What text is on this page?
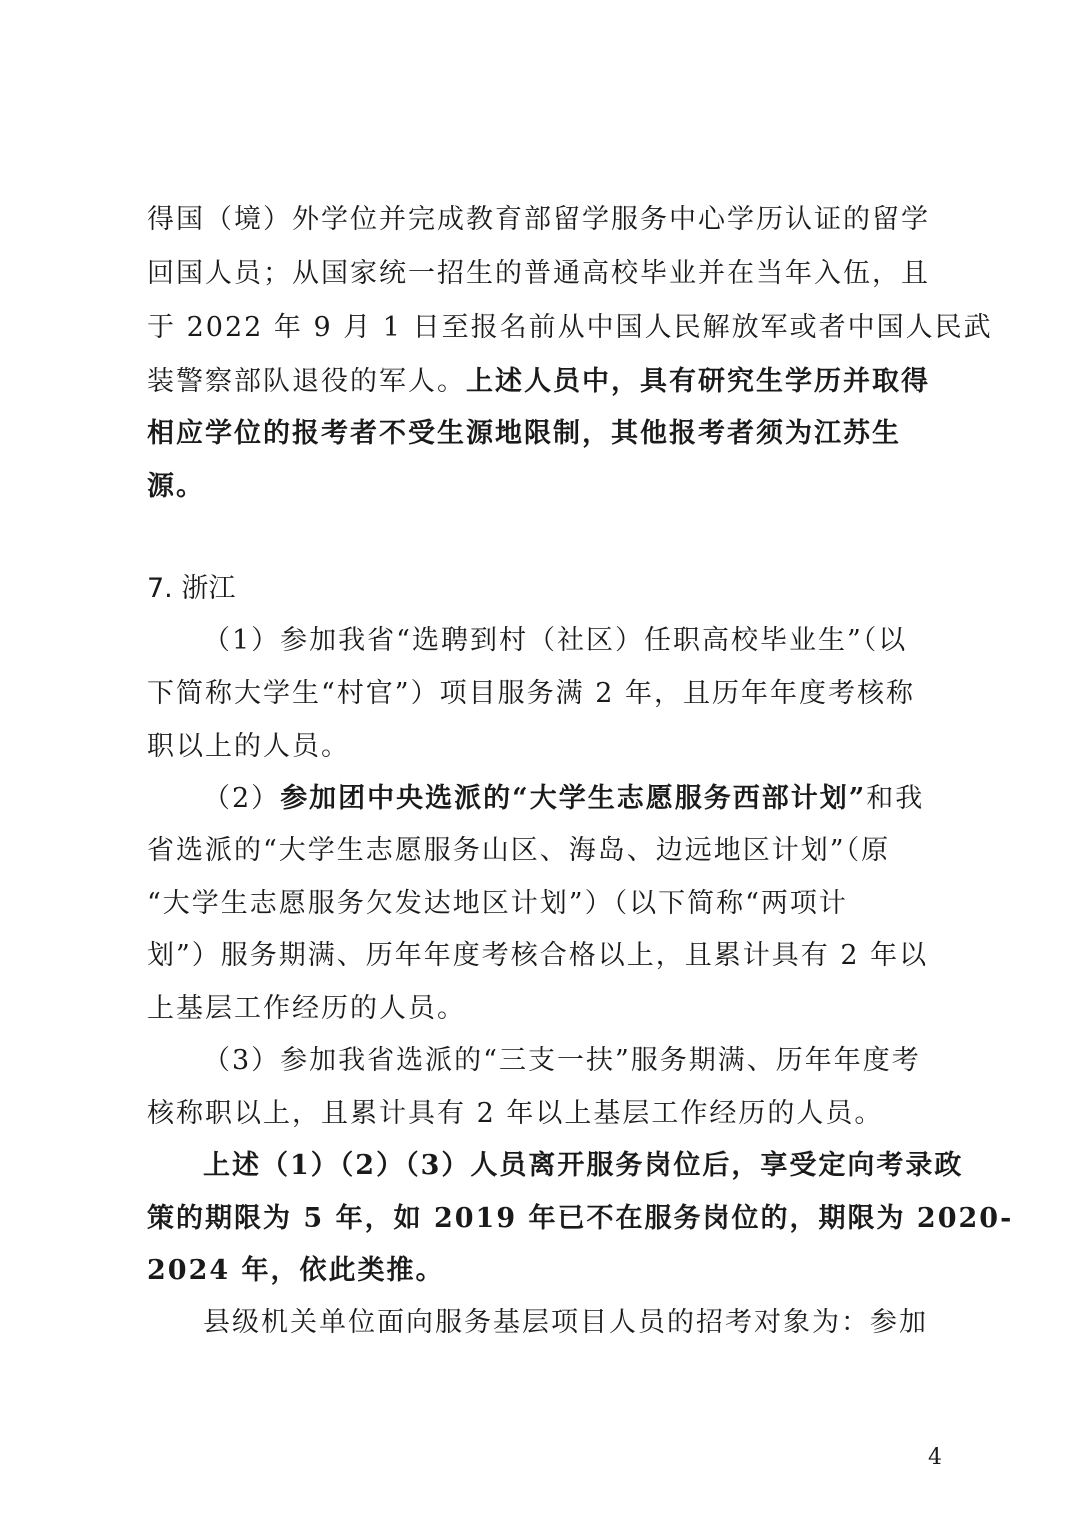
得国（境）外学位并完成教育部留学服务中心学历认证的留学
回国人员；从国家统一招生的普通高校毕业并在当年入伍，且
于 2022 年 9 月 1 日至报名前从中国人民解放军或者中国人民武
装警察部队退役的军人。上述人员中，具有研究生学历并取得
相应学位的报考者不受生源地限制，其他报考者须为江苏生
源。
7. 浙江
（1）参加我省“选聘到村（社区）任职高校毕业生”（以
下简称大学生“村官”）项目服务满 2 年，且历年年度考核称
职以上的人员。
（2）参加团中央选派的“大学生志愿服务西部计划”和我
省选派的“大学生志愿服务山区、海岛、边远地区计划”（原
“大学生志愿服务欠发达地区计划”）（以下简称“两项计
划”）服务期满、历年年度考核合格以上，且累计具有 2 年以
上基层工作经历的人员。
（3）参加我省选派的“三支一扶”服务期满、历年年度考
核称职以上，且累计具有 2 年以上基层工作经历的人员。
上述（1）（2）（3）人员离开服务岗位后，享受定向考录政
策的期限为 5 年，如 2019 年已不在服务岗位的，期限为 2020-
2024 年，依此类推。
县级机关单位面向服务基层项目人员的招考对象为：参加
4
